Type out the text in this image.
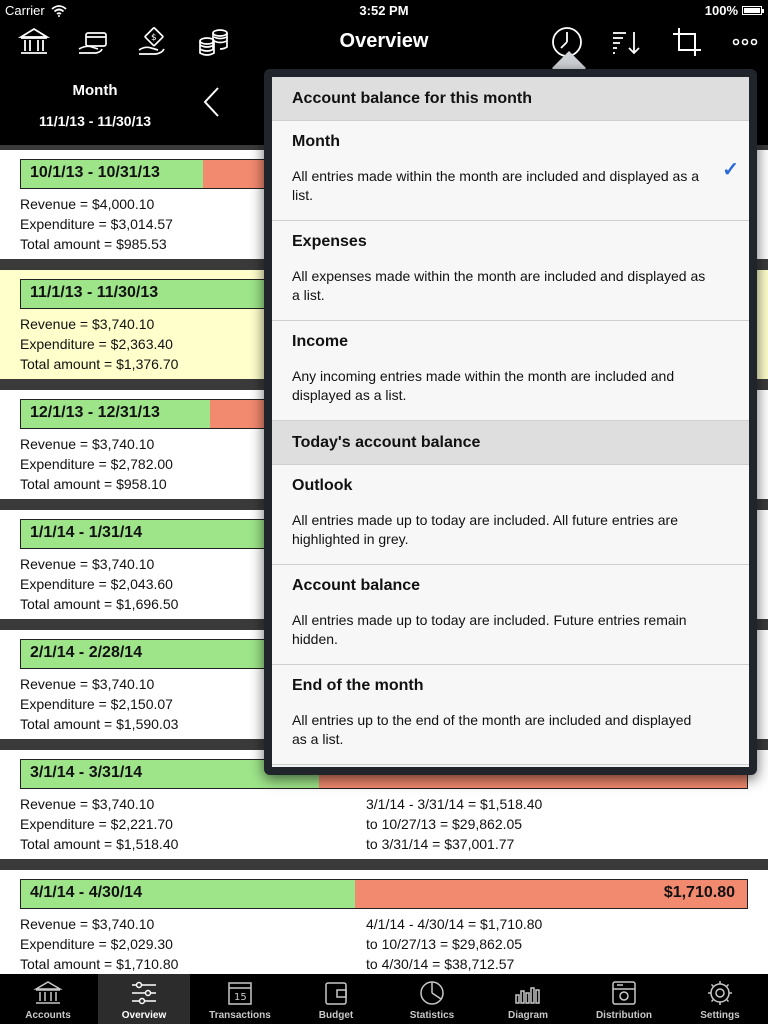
Carrier	3:52 PM	100%
$	Overview
Month
11/1/13 - 11/30/13
10/1/13 - 10/31/13
Revenue = $4,000.10
Expenditure = $3,014.57
Total amount = $985.53
11/1/13 - 11/30/13
Revenue = $3,740.10
Expenditure = $2,363.40
Total amount = $1,376.70
12/1/13 - 12/31/13
Revenue = $3,740.10
Expenditure = $2,782.00
Total amount = $958.10
1/1/14 - 1/31/14
Revenue = $3,740.10
Expenditure = $2,043.60
Total amount = $1,696.50
2/1/14 - 2/28/14
Revenue = $3,740.10
Expenditure = $2,150.07
Total amount = $1,590.03
3/1/14 - 3/31/14
Revenue = $3,740.10
Expenditure = $2,221.70
Total amount = $1,518.40
3/1/14 - 3/31/14 = $1,518.40
to 10/27/13 = $29,862.05
to 3/31/14 = $37,001.77
4/1/14 - 4/30/14	$1,710.80
Revenue = $3,740.10
Expenditure = $2,029.30
Total amount = $1,710.80
4/1/14 - 4/30/14 = $1,710.80
to 10/27/13 = $29,862.05
to 4/30/14 = $38,712.57
Account balance for this month
Month
All entries made within the month are included and displayed as a list.
✓
Expenses
All expenses made within the month are included and displayed as a list.
Income
Any incoming entries made within the month are included and displayed as a list.
Today's account balance
Outlook
All entries made up to today are included. All future entries are highlighted in grey.
Account balance
All entries made up to today are included. Future entries remain hidden.
End of the month
All entries up to the end of the month are included and displayed as a list.
Accounts	Overview
15
Transactions	Budget	Statistics	Diagram	Distribution	Settings
